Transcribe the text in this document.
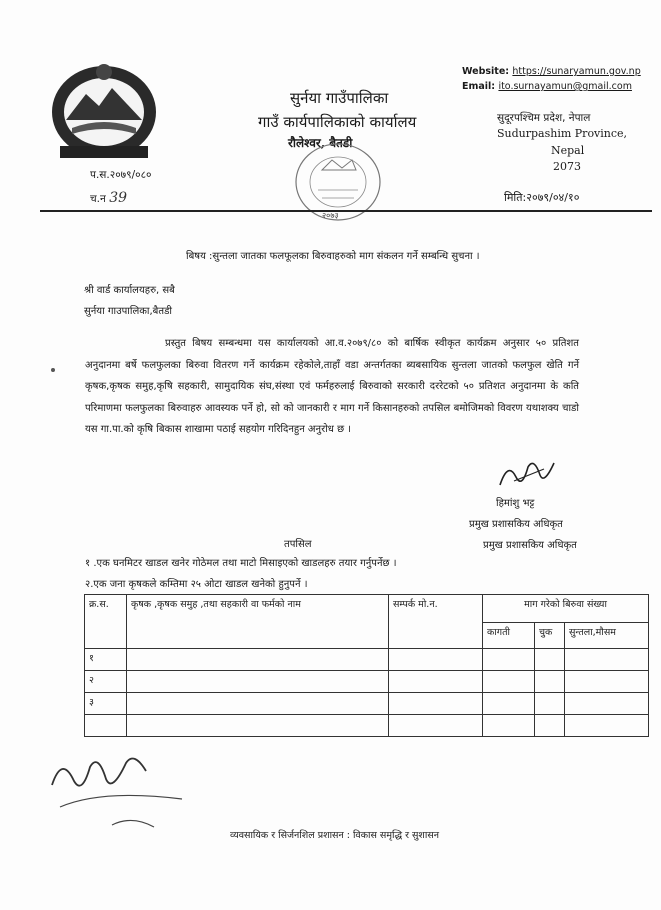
सुर्नया गाउँपालिका
गाउँ कार्यपालिकाको कार्यालय
रौलेश्वर, बैतडी
Website: https://sunaryamun.gov.np
Email: ito.surnayamun@gmail.com
सुदूरपश्चिम प्रदेश, नेपाल
Sudurpashim Province,
Nepal
2073
प.स.२०७९/०८०
च.न 39	मिति:२०७९/०४/१०
२०७३
बिषय :सुन्तला जातका फलफूलका बिरुवाहरुको माग संकलन गर्ने सम्बन्धि सुचना ।
श्री वार्ड कार्यालयहरु, सबै
सुर्नया गाउपालिका,बैतडी
प्रस्तुत बिषय सम्बन्धमा यस कार्यालयको आ.व.२०७९/८० को बार्षिक स्वीकृत कार्यक्रम अनुसार ५० प्रतिशत अनुदानमा बर्षे फलफुलका बिरुवा वितरण गर्ने कार्यक्रम रहेकोले,ताहाँ वडा अन्तर्गतका ब्यबसायिक सुन्तला जातको फलफुल खेति गर्ने कृषक,कृषक समुह,कृषि सहकारी, सामुदायिक संघ,संस्था एवं फर्महरुलाई बिरुवाको सरकारी दररेटको ५० प्रतिशत अनुदानमा के कति परिमाणमा फलफुलका बिरुवाहरु आवस्यक पर्ने हो, सो को जानकारी र माग गर्ने किसानहरुको तपसिल बमोजिमको विवरण यथाशक्य चाडो यस गा.पा.को कृषि बिकास शाखामा पठाई सहयोग गरिदिनहुन अनुरोध छ ।
हिमांशु भट्ट
प्रमुख प्रशासकिय अधिकृत
प्रमुख प्रशासकिय अधिकृत
तपसिल
१ .एक घनमिटर खाडल खनेर गोठेमल तथा माटो मिसाइएको खाडलहरु तयार गर्नुपर्नेछ ।
२.एक जना कृषकले कम्तिमा २५ ओटा खाडल खनेको हुनुपर्ने ।
क्र.स.	कृषक ,कृषक समुह ,तथा सहकारी वा फर्मको नाम	सम्पर्क मो.न.	माग गरेको बिरुवा संख्या		
			कागती	चुक	सुन्तला,मौसम
१					
२					
३					

व्यवसायिक र सिर्जनशिल प्रशासन : विकास समृद्धि र सुशासन
